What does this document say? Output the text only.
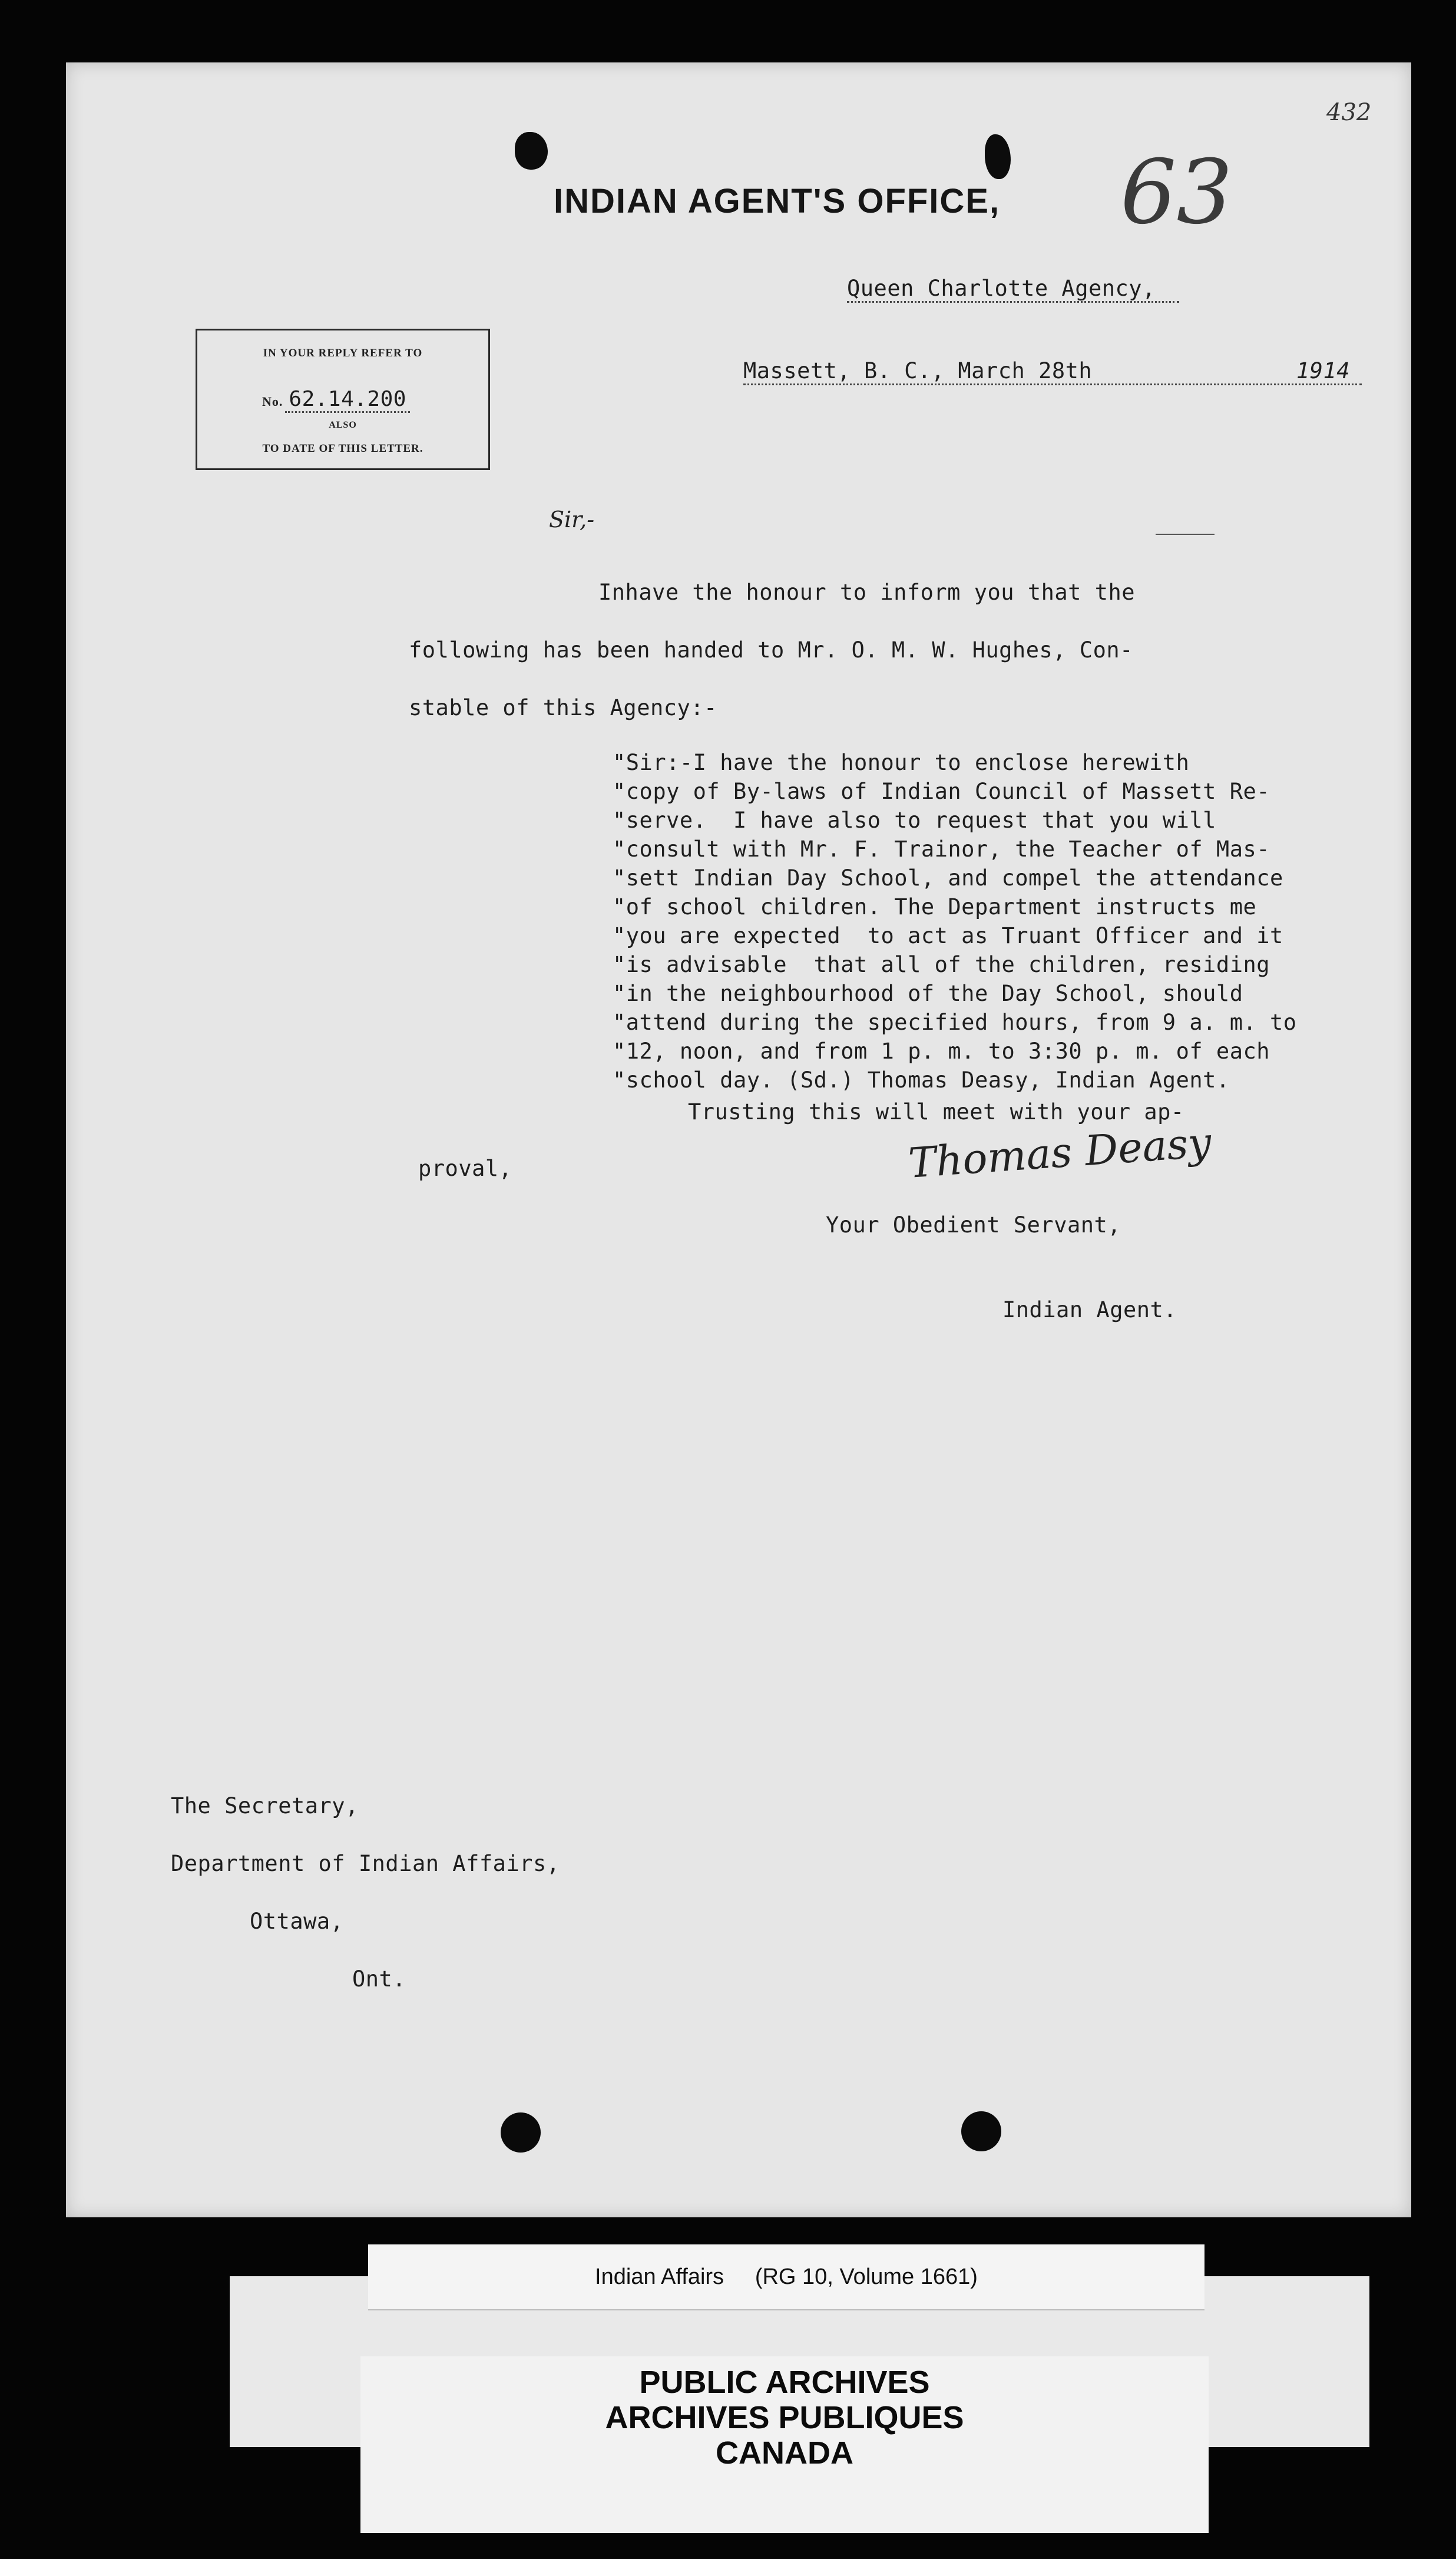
432
INDIAN AGENT'S OFFICE, 63
Queen Charlotte Agency,
Massett, B. C., March 28th	1914
IN YOUR REPLY REFER TO
No. 62.14.200
ALSO
TO DATE OF THIS LETTER.
Sir,-
Inhave the honour to inform you that the
following has been handed to Mr. O. M. W. Hughes, Con-
stable of this Agency:-
"Sir:-I have the honour to enclose herewith
"copy of By-laws of Indian Council of Massett Re-
"serve.  I have also to request that you will
"consult with Mr. F. Trainor, the Teacher of Mas-
"sett Indian Day School, and compel the attendance
"of school children. The Department instructs me
"you are expected  to act as Truant Officer and it
"is advisable  that all of the children, residing
"in the neighbourhood of the Day School, should
"attend during the specified hours, from 9 a. m. to
"12, noon, and from 1 p. m. to 3:30 p. m. of each
"school day. (Sd.) Thomas Deasy, Indian Agent.
Trusting this will meet with your ap-
proval,	Thomas Deasy
Your Obedient Servant,
Indian Agent.
The Secretary,
Department of Indian Affairs,
Ottawa,
Ont.
Indian Affairs     (RG 10, Volume 1661)
PUBLIC ARCHIVES
ARCHIVES PUBLIQUES
CANADA
